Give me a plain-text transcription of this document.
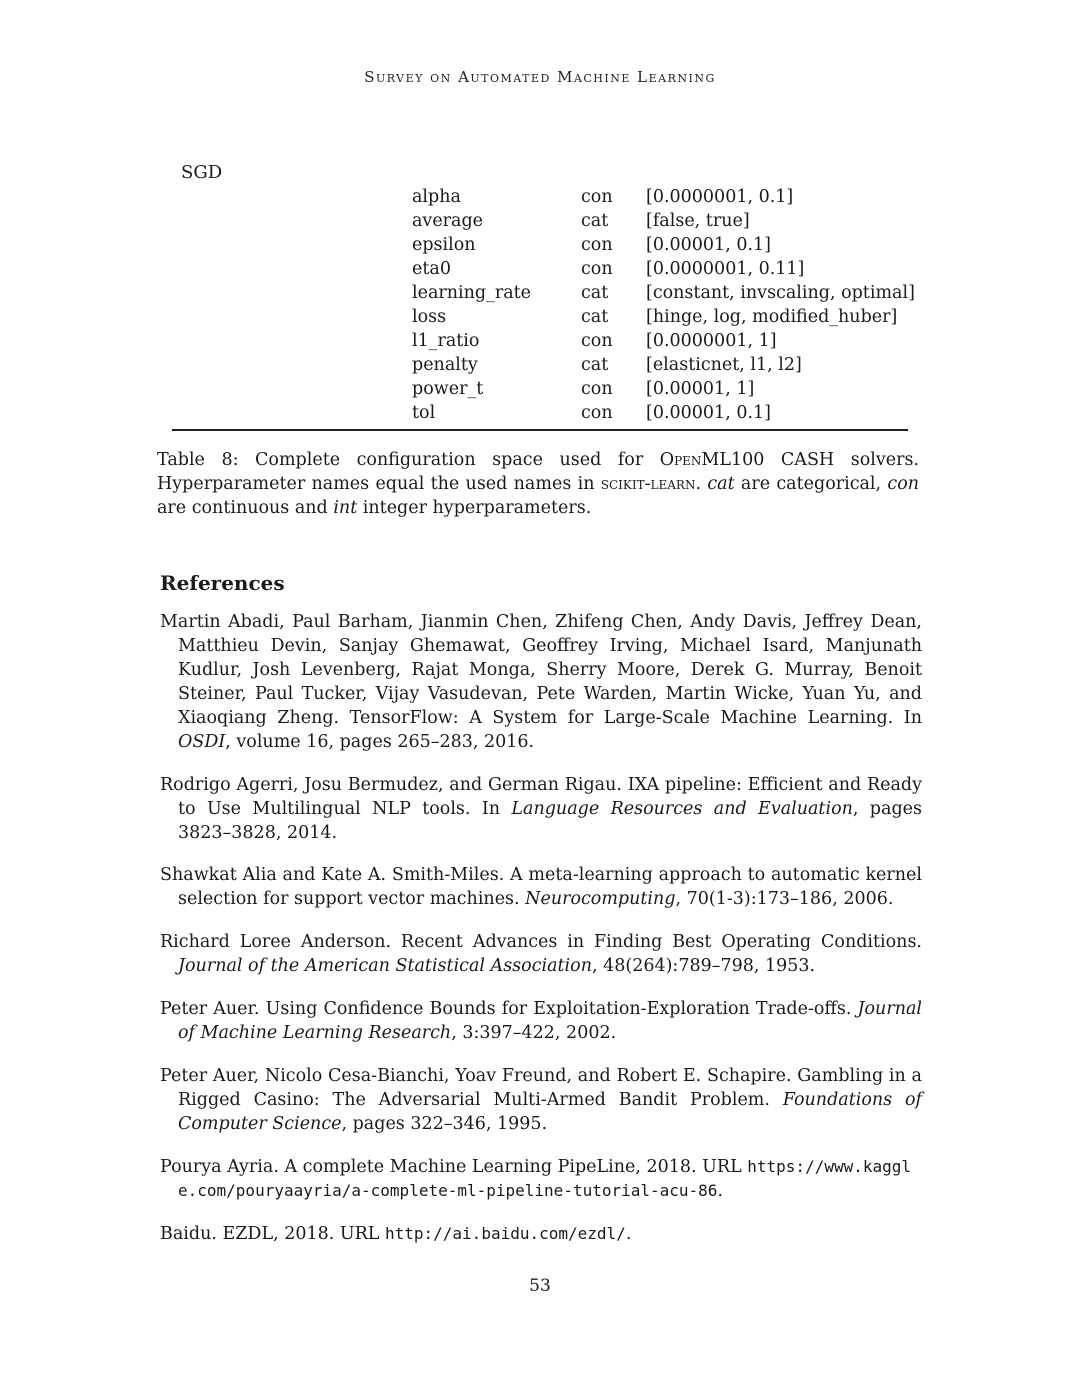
Survey on Automated Machine Learning
SGD
alpha	con [0.0000001, 0.1]
average	cat [false, true]
epsilon	con [0.00001, 0.1]
eta0	con [0.0000001, 0.11]
learning_rate	cat [constant, invscaling, optimal]
loss	cat [hinge, log, modified_huber]
l1_ratio	con [0.0000001, 1]
penalty	cat [elasticnet, l1, l2]
power_t	con [0.00001, 1]
tol	con [0.00001, 0.1]
Table 8: Complete configuration space used for OpenML100 CASH solvers. Hyperparameter names equal the used names in scikit-learn. cat are categorical, con are continuous and int integer hyperparameters.
References
Martin Abadi, Paul Barham, Jianmin Chen, Zhifeng Chen, Andy Davis, Jeffrey Dean, Matthieu Devin, Sanjay Ghemawat, Geoffrey Irving, Michael Isard, Manjunath Kudlur, Josh Levenberg, Rajat Monga, Sherry Moore, Derek G. Murray, Benoit Steiner, Paul Tucker, Vijay Vasudevan, Pete Warden, Martin Wicke, Yuan Yu, and Xiaoqiang Zheng. TensorFlow: A System for Large-Scale Machine Learning. In OSDI, volume 16, pages 265–283, 2016.
Rodrigo Agerri, Josu Bermudez, and German Rigau. IXA pipeline: Efficient and Ready to Use Multilingual NLP tools. In Language Resources and Evaluation, pages 3823–3828, 2014.
Shawkat Alia and Kate A. Smith-Miles. A meta-learning approach to automatic kernel selection for support vector machines. Neurocomputing, 70(1-3):173–186, 2006.
Richard Loree Anderson. Recent Advances in Finding Best Operating Conditions. Journal of the American Statistical Association, 48(264):789–798, 1953.
Peter Auer. Using Confidence Bounds for Exploitation-Exploration Trade-offs. Journal of Machine Learning Research, 3:397–422, 2002.
Peter Auer, Nicolo Cesa-Bianchi, Yoav Freund, and Robert E. Schapire. Gambling in a Rigged Casino: The Adversarial Multi-Armed Bandit Problem. Foundations of Computer Science, pages 322–346, 1995.
Pourya Ayria. A complete Machine Learning PipeLine, 2018. URL https://www.kaggle.com/pouryaayria/a-complete-ml-pipeline-tutorial-acu-86.
Baidu. EZDL, 2018. URL http://ai.baidu.com/ezdl/.
53
